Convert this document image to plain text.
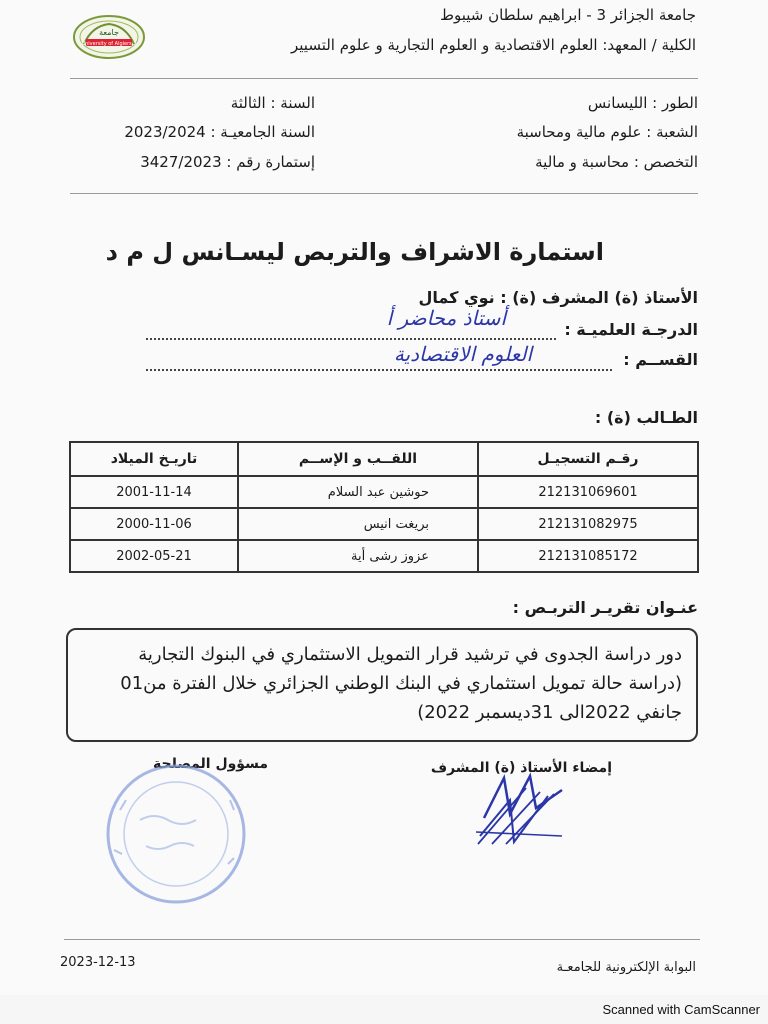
جامعة الجزائر 3 - ابراهيم سلطان شيبوط
الكلية / المعهد: العلوم الاقتصادية و العلوم التجارية و علوم التسيير
جامعة
University of Algiers 3
الطور : الليسانس
الشعبة : علوم مالية ومحاسبة
التخصص : محاسبة و مالية
السنة : الثالثة
السنة الجامعيـة : 2023/2024
إستمارة رقم : 3427/2023
استمارة الاشراف والتربص ليسـانس ل م د
الأستاذ (ة) المشرف (ة) : نوي كمال
الدرجـة العلميـة :
أستاذ محاضر أ
القســم :
العلوم الاقتصادية
الطـالب (ة) :
رقـم التسجيـل	اللقــب و الإســم	تاريـخ الميلاد
212131069601	حوشين عبد السلام	2001-11-14
212131082975	بريغت انيس	2000-11-06
212131085172	عزوز رشى أية	2002-05-21
عنـوان تقريـر التربـص :
دور دراسة الجدوى في ترشيد قرار التمويل الاستثماري في البنوك التجارية
(دراسة حالة تمويل استثماري في البنك الوطني الجزائري خلال الفترة من01
جانفي 2022الى 31ديسمبر 2022)
إمضاء الأستاذ (ة) المشرف
مسؤول المصلحة
البوابة الإلكترونية للجامعـة
2023-12-13
Scanned with CamScanner
